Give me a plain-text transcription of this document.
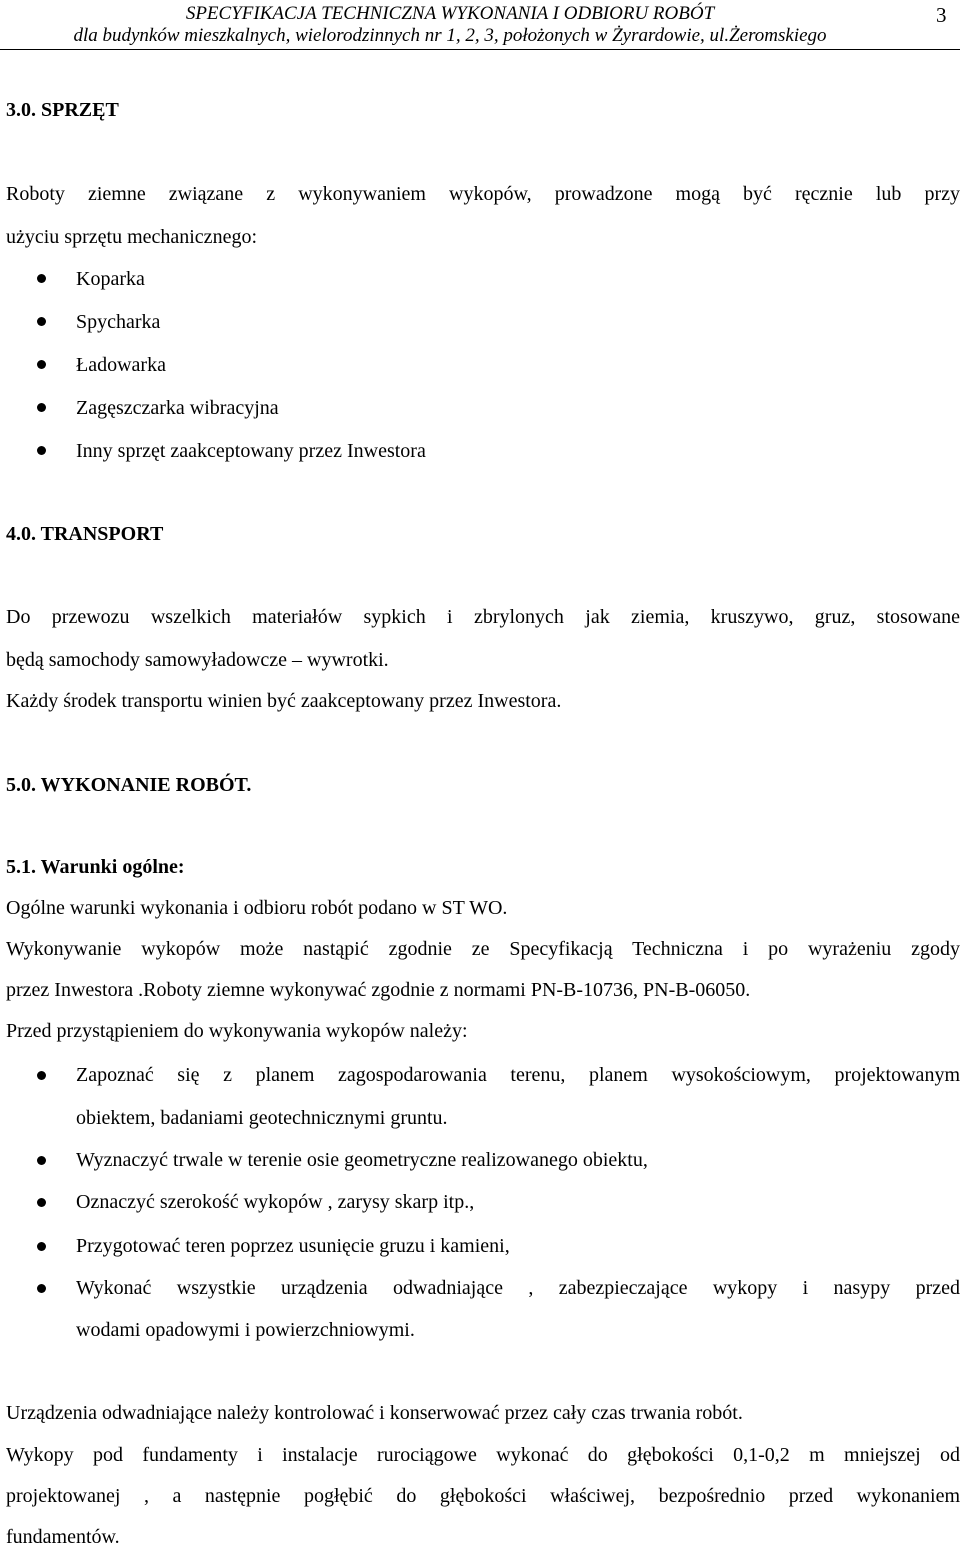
SPECYFIKACJA TECHNICZNA WYKONANIA I ODBIORU ROBÓT
dla budynków mieszkalnych, wielorodzinnych nr 1, 2, 3, położonych w Żyrardowie, ul.Żeromskiego
3
3.0. SPRZĘT
Roboty ziemne związane z wykonywaniem wykopów, prowadzone mogą być ręcznie lub przy
użyciu sprzętu mechanicznego:
Koparka
Spycharka
Ładowarka
Zagęszczarka wibracyjna
Inny sprzęt zaakceptowany przez Inwestora
4.0. TRANSPORT
Do przewozu wszelkich materiałów sypkich i zbrylonych jak ziemia, kruszywo, gruz, stosowane
będą samochody samowyładowcze – wywrotki.
Każdy środek transportu winien być zaakceptowany przez Inwestora.
5.0. WYKONANIE ROBÓT.
5.1. Warunki ogólne:
Ogólne warunki wykonania i odbioru robót podano w ST WO.
Wykonywanie wykopów może nastąpić zgodnie ze Specyfikacją Techniczna i po wyrażeniu zgody
przez Inwestora .Roboty ziemne wykonywać zgodnie z normami PN-B-10736, PN-B-06050.
Przed przystąpieniem do wykonywania wykopów należy:
Zapoznać się z planem zagospodarowania terenu, planem wysokościowym, projektowanym
obiektem, badaniami geotechnicznymi gruntu.
Wyznaczyć trwale w terenie osie geometryczne realizowanego obiektu,
Oznaczyć szerokość wykopów , zarysy skarp itp.,
Przygotować teren poprzez usunięcie gruzu i kamieni,
Wykonać wszystkie urządzenia odwadniające , zabezpieczające wykopy i nasypy przed
wodami opadowymi i powierzchniowymi.
Urządzenia odwadniające należy kontrolować i konserwować przez cały czas trwania robót.
Wykopy pod fundamenty i instalacje rurociągowe wykonać do głębokości 0,1-0,2 m mniejszej od
projektowanej , a następnie pogłębić do głębokości właściwej, bezpośrednio przed wykonaniem
fundamentów.
